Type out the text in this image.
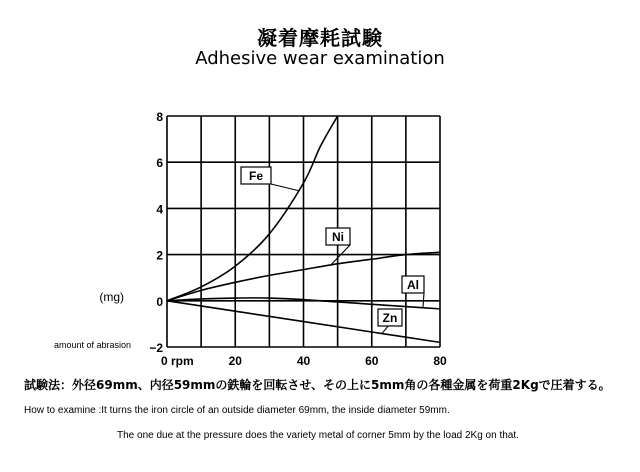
凝着摩耗試験
Adhesive wear examination
Fe
Ni
Al
Zn
−2
0
2
4
6
8
0	20	40	60	80
(mg)
amount of abrasion
rpm
試験法：外径69mm、内径59mmの鉄輪を回転させ、その上に5mm角の各種金属を荷重2Kgで圧着する。
How to examine :It turns the iron circle of an outside diameter 69mm, the inside diameter 59mm.
The one due at the pressure does the variety metal of corner 5mm by the load 2Kg on that.
